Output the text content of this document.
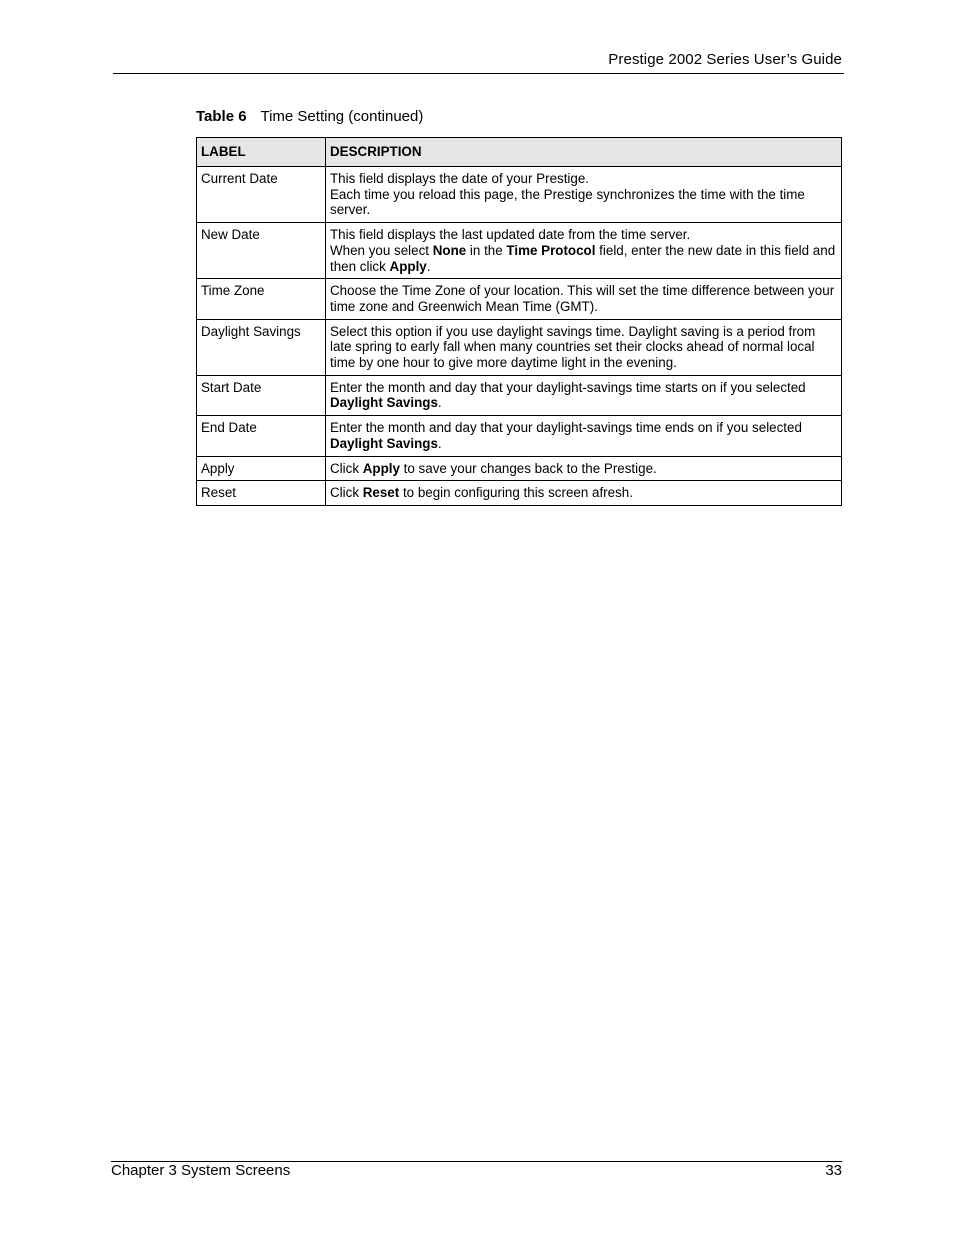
Prestige 2002 Series User’s Guide
Table 6 Time Setting (continued)
LABEL	DESCRIPTION
Current Date	This field displays the date of your Prestige.
Each time you reload this page, the Prestige synchronizes the time with the time server.

New Date	This field displays the last updated date from the time server.
When you select None in the Time Protocol field, enter the new date in this field and then click Apply.

Time Zone	Choose the Time Zone of your location. This will set the time difference between your time zone and Greenwich Mean Time (GMT).

Daylight Savings	Select this option if you use daylight savings time. Daylight saving is a period from late spring to early fall when many countries set their clocks ahead of normal local time by one hour to give more daytime light in the evening.

Start Date	Enter the month and day that your daylight-savings time starts on if you selected Daylight Savings.

End Date	Enter the month and day that your daylight-savings time ends on if you selected Daylight Savings.

Apply	Click Apply to save your changes back to the Prestige.

Reset	Click Reset to begin configuring this screen afresh.
Chapter 3 System Screens	33
